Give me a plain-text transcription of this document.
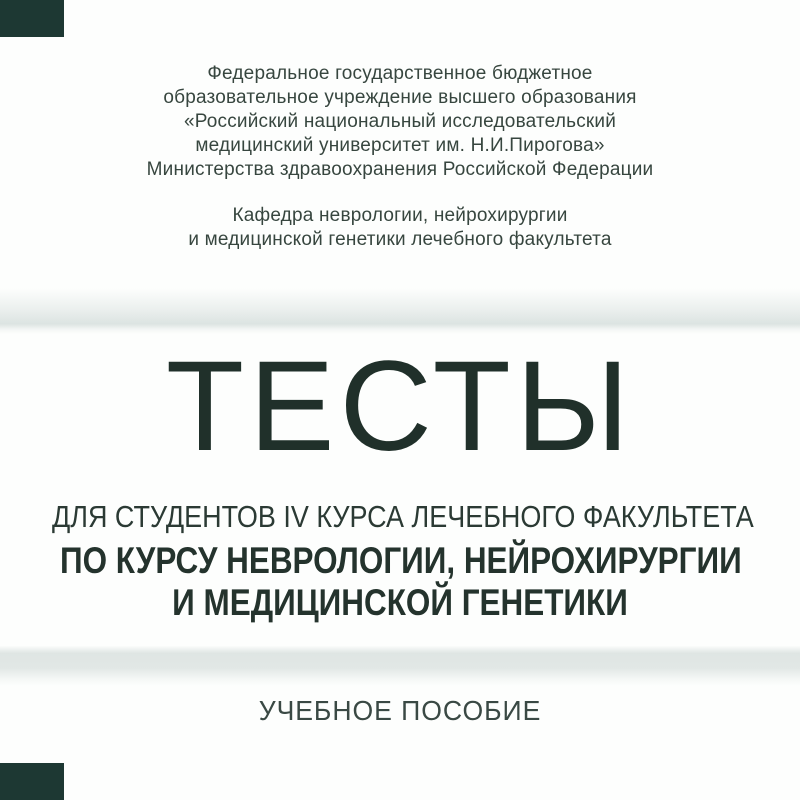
Федеральное государственное бюджетное
образовательное учреждение высшего образования
«Российский национальный исследовательский
медицинский университет им. Н.И.Пирогова»
Министерства здравоохранения Российской Федерации
Кафедра неврологии, нейрохирургии
и медицинской генетики лечебного факультета
ТЕСТЫ
ДЛЯ СТУДЕНТОВ IV КУРСА ЛЕЧЕБНОГО ФАКУЛЬТЕТА
ПО КУРСУ НЕВРОЛОГИИ, НЕЙРОХИРУРГИИ
И МЕДИЦИНСКОЙ ГЕНЕТИКИ
УЧЕБНОЕ ПОСОБИЕ
